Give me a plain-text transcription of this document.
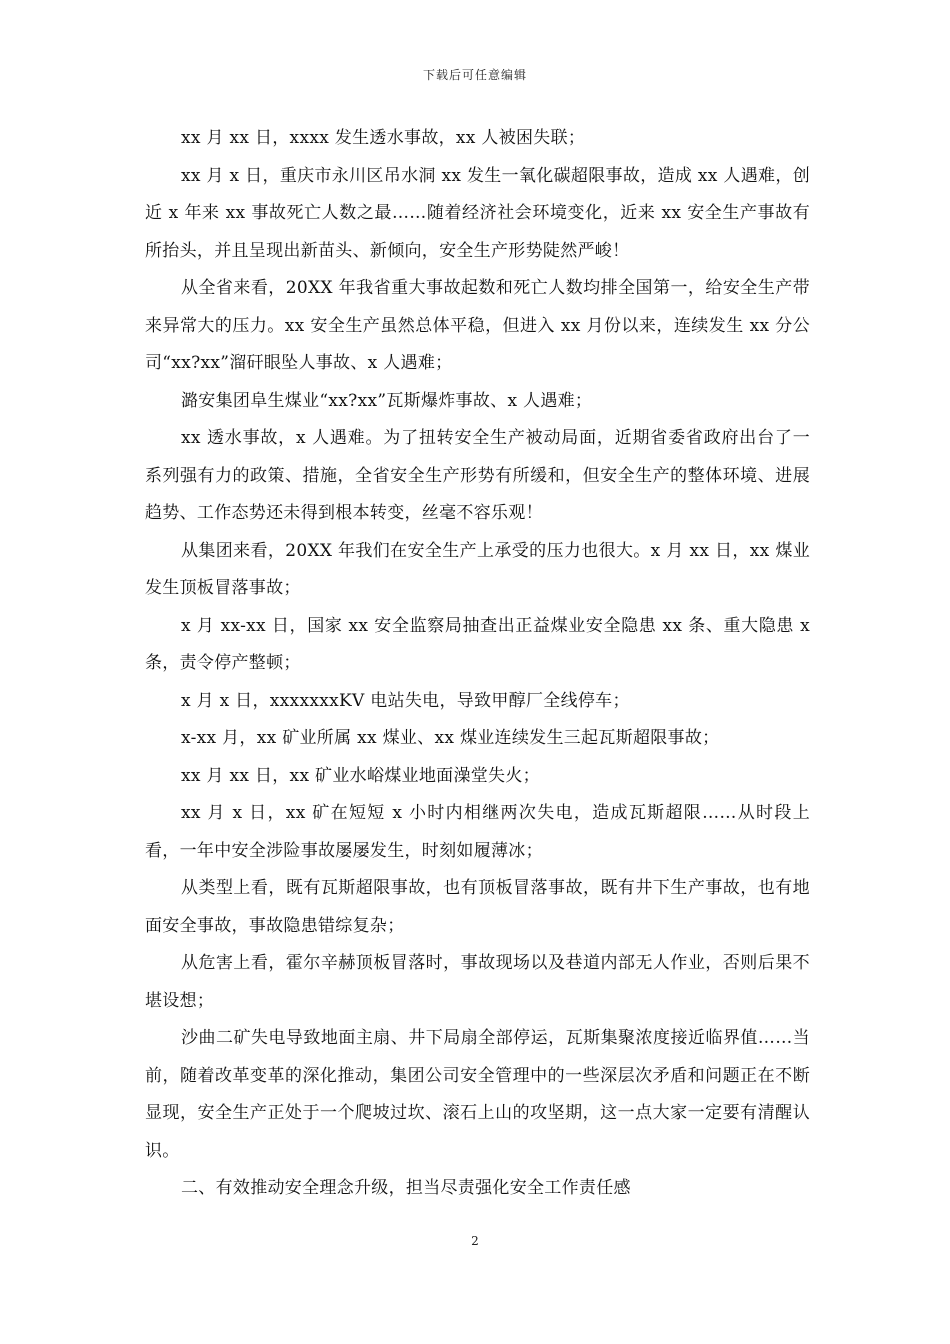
下载后可任意编辑

xx 月 xx 日，xxxx 发生透水事故，xx 人被困失联；

xx 月 x 日，重庆市永川区吊水洞 xx 发生一氧化碳超限事故，造成 xx 人遇难，创近 x 年来 xx 事故死亡人数之最……随着经济社会环境变化，近来 xx 安全生产事故有所抬头，并且呈现出新苗头、新倾向，安全生产形势陡然严峻！

从全省来看，20XX 年我省重大事故起数和死亡人数均排全国第一，给安全生产带来异常大的压力。xx 安全生产虽然总体平稳，但进入 xx 月份以来，连续发生 xx 分公司“xx?xx”溜矸眼坠人事故、x 人遇难；

潞安集团阜生煤业“xx?xx”瓦斯爆炸事故、x 人遇难；

xx 透水事故，x 人遇难。为了扭转安全生产被动局面，近期省委省政府出台了一系列强有力的政策、措施，全省安全生产形势有所缓和，但安全生产的整体环境、进展趋势、工作态势还未得到根本转变，丝毫不容乐观！

从集团来看，20XX 年我们在安全生产上承受的压力也很大。x 月 xx 日，xx 煤业发生顶板冒落事故；

x 月 xx-xx 日，国家 xx 安全监察局抽查出正益煤业安全隐患 xx 条、重大隐患 x 条，责令停产整顿；

x 月 x 日，xxxxxxxKV 电站失电，导致甲醇厂全线停车；

x-xx 月，xx 矿业所属 xx 煤业、xx 煤业连续发生三起瓦斯超限事故；

xx 月 xx 日，xx 矿业水峪煤业地面澡堂失火；

xx 月 x 日，xx 矿在短短 x 小时内相继两次失电，造成瓦斯超限……从时段上看，一年中安全涉险事故屡屡发生，时刻如履薄冰；

从类型上看，既有瓦斯超限事故，也有顶板冒落事故，既有井下生产事故，也有地面安全事故，事故隐患错综复杂；

从危害上看，霍尔辛赫顶板冒落时，事故现场以及巷道内部无人作业，否则后果不堪设想；

沙曲二矿失电导致地面主扇、井下局扇全部停运，瓦斯集聚浓度接近临界值……当前，随着改革变革的深化推动，集团公司安全管理中的一些深层次矛盾和问题正在不断显现，安全生产正处于一个爬坡过坎、滚石上山的攻坚期，这一点大家一定要有清醒认识。

二、有效推动安全理念升级，担当尽责强化安全工作责任感

2
